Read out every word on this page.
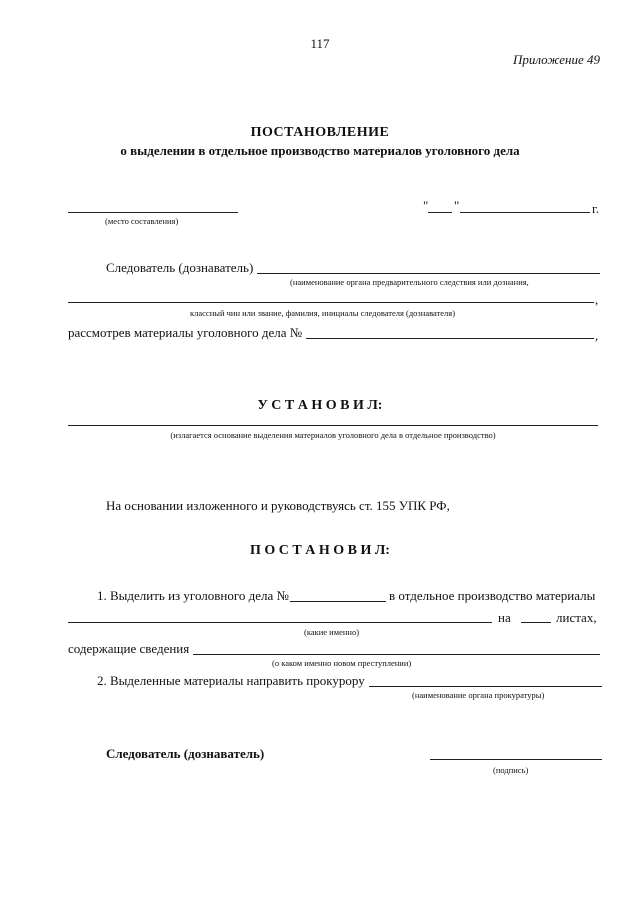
117
Приложение 49
ПОСТАНОВЛЕНИЕ
о выделении в отдельное производство материалов уголовного дела
(место составления)
" "	г.
Следователь (дознаватель)
(наименование органа предварительного следствия или дознания,
,
классный чин или звание, фамилия, инициалы следователя (дознавателя)
рассмотрев материалы уголовного дела №	,
У С Т А Н О В И Л:
(излагается основание выделения материалов уголовного дела в отдельное производство)
На основании изложенного и руководствуясь ст. 155 УПК РФ,
П О С Т А Н О В И Л:
1. Выделить из уголовного дела №	в отдельное производство материалы
на	листах,
(какие именно)
содержащие сведения
(о каком именно новом преступлении)
2. Выделенные материалы направить прокурору
(наименование органа прокуратуры)
Следователь (дознаватель)
(подпись)
